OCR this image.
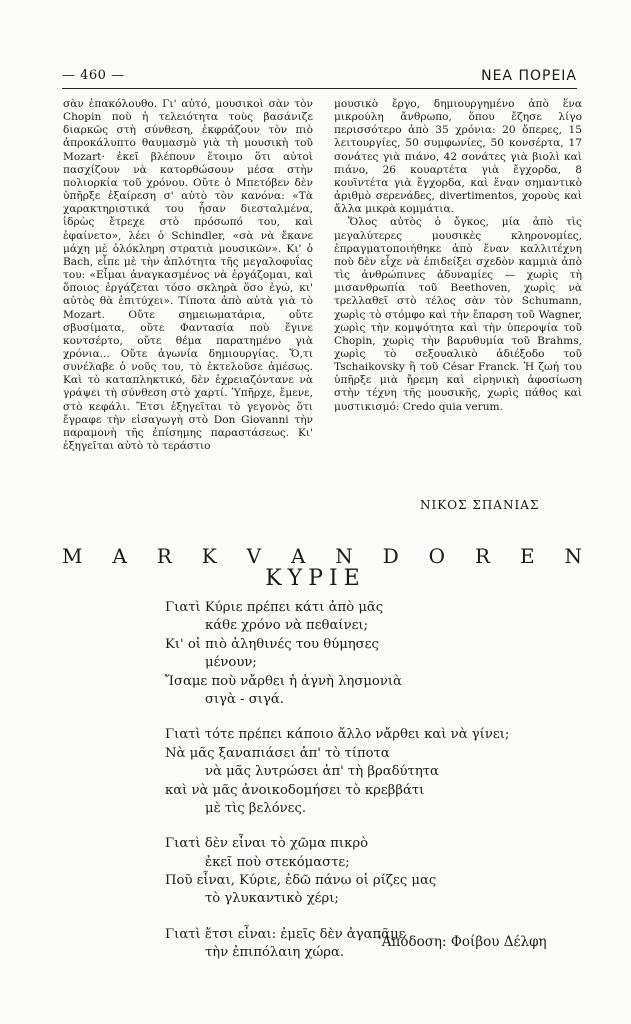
— 460 —	ΝΕΑ ΠΟΡΕΙΑ

σὰν ἐπακόλουθο. Γι' αὐτό, μουσικοὶ σὰν τὸν Chopin ποὺ ἡ τελειότητα τοὺς βασάνιζε διαρκῶς στὴ σύνθεση, ἐκφράζουν τὸν πιὸ ἀπροκάλυπτο θαυμασμὸ γιὰ τὴ μουσικὴ τοῦ Mozart· ἐκεῖ βλέπουν ἕτοιμο ὅτι αὐτοὶ πασχίζουν νὰ κατορθώσουν μέσα στὴν πολιορκία τοῦ χρόνου. Οὔτε ὁ Μπετόβεν δὲν ὑπῆρξε ἐξαίρεση σ' αὐτὸ τὸν κανόνα: «Τὰ χαρακτηριστικά του ἦσαν διεσταλμένα, ἱδρὼς ἔτρεχε στὸ πρόσωπό του, καὶ ἐφαίνετο», λέει ὁ Schindler, «σὰ νὰ ἔκανε μάχη μὲ ὁλόκληρη στρατιὰ μουσικῶν». Κι' ὁ Bach, εἶπε μὲ τὴν ἁπλότητα τῆς μεγαλοφυΐας του: «Εἶμαι ἀναγκασμένος νὰ ἐργάζομαι, καὶ ὅποιος ἐργάζεται τόσο σκληρὰ ὅσο ἐγώ, κι' αὐτὸς θὰ ἐπιτύχει». Τίποτα ἀπὸ αὐτὰ γιὰ τὸ Mozart. Οὔτε σημειωματάρια, οὔτε σβυσίματα, οὔτε Φαντασία ποὺ ἔγινε κοντσέρτο, οὔτε θέμα παρατημένο γιὰ χρόνια... Οὔτε ἀγωνία δημιουργίας. Ὅ,τι συνέλαβε ὁ νοῦς του, τὸ ἐκτελοῦσε ἀμέσως. Καὶ τὸ καταπληκτικό, δὲν ἐχρειαζόντανε νὰ γράψει τὴ σύνθεση στὸ χαρτί. Ὑπῆρχε, ἔμενε, στὸ κεφάλι. Ἔτσι ἐξηγεῖται τὸ γεγονὸς ὅτι ἔγραφε τὴν εἰσαγωγὴ στὸ Don Giovanni τὴν παραμονὴ τῆς ἐπίσημης παραστάσεως. Κι' ἐξηγεῖται αὐτὸ τὸ τεράστιο

μουσικὸ ἔργο, δημιουργημένο ἀπὸ ἕνα μικρούλη ἄνθρωπο, ὅπου ἔζησε λίγο περισσότερο ἀπὸ 35 χρόνια: 20 ὄπερες, 15 λειτουργίες, 50 συμφωνίες, 50 κονσέρτα, 17 σονάτες γιὰ πιάνο, 42 σονάτες γιὰ βιολὶ καὶ πιάνο, 26 κουαρτέτα γιὰ ἔγχορδα, 8 κουϊντέτα γιὰ ἔγχορδα, καὶ ἕναν σημαντικὸ ἀριθμὸ σερενάδες, divertimentos, χοροὺς καὶ ἄλλα μικρὰ κομμάτια.

Ὅλος αὐτὸς ὁ ὄγκος, μία ἀπὸ τὶς μεγαλύτερες μουσικὲς κληρονομίες, ἐπραγματοποιήθηκε ἀπὸ ἕναν καλλιτέχνη ποὺ δὲν εἶχε νὰ ἐπιδείξει σχεδὸν καμμιὰ ἀπὸ τὶς ἀνθρώπινες ἀδυναμίες — χωρὶς τὴ μισανθρωπία τοῦ Beethoven, χωρὶς νὰ τρελλαθεῖ στὸ τέλος σὰν τὸν Schumann, χωρὶς τὸ στόμφο καὶ τὴν ἔπαρση τοῦ Wagner, χωρὶς τὴν κομψότητα καὶ τὴν ὑπεροψία τοῦ Chopin, χωρὶς τὴν βαρυθυμία τοῦ Brahms, χωρὶς τὸ σεξουαλικὸ ἀδιέξοδο τοῦ Tschaikovsky ἢ τοῦ César Franck. Ἡ ζωή του ὑπῆρξε μιὰ ἤρεμη καὶ εἰρηνικὴ ἀφοσίωση στὴν τέχνη τῆς μουσικῆς, χωρὶς πάθος καὶ μυστικισμό: Credo quia verum.

ΝΙΚΟΣ ΣΠΑΝΙΑΣ
M A R K V A N D O R E N
ΚΥΡΙΕ
Γιατὶ Κύριε πρέπει κάτι ἀπὸ μᾶς
κάθε χρόνο νὰ πεθαίνει;
Κι' οἱ πιὸ ἀληθινές του θύμησες
μένουν;
Ἴσαμε ποὺ νἄρθει ἡ ἁγνὴ λησμονιὰ
σιγὰ - σιγά.
Γιατὶ τότε πρέπει κάποιο ἄλλο νἄρθει καὶ νὰ γίνει;
Νὰ μᾶς ξαναπιάσει ἀπ' τὸ τίποτα
νὰ μᾶς λυτρώσει ἀπ' τὴ βραδύτητα
καὶ νὰ μᾶς ἀνοικοδομήσει τὸ κρεββάτι
μὲ τὶς βελόνες.
Γιατὶ δὲν εἶναι τὸ χῶμα πικρὸ
ἐκεῖ ποὺ στεκόμαστε;
Ποῦ εἶναι, Κύριε, ἐδῶ πάνω οἱ ρίζες μας
τὸ γλυκαντικὸ χέρι;
Γιατὶ ἔτσι εἶναι: ἐμεῖς δὲν ἀγαπᾶμε
τὴν ἐπιπόλαιη χώρα.
'Απόδοση: Φοίβου Δέλφη
